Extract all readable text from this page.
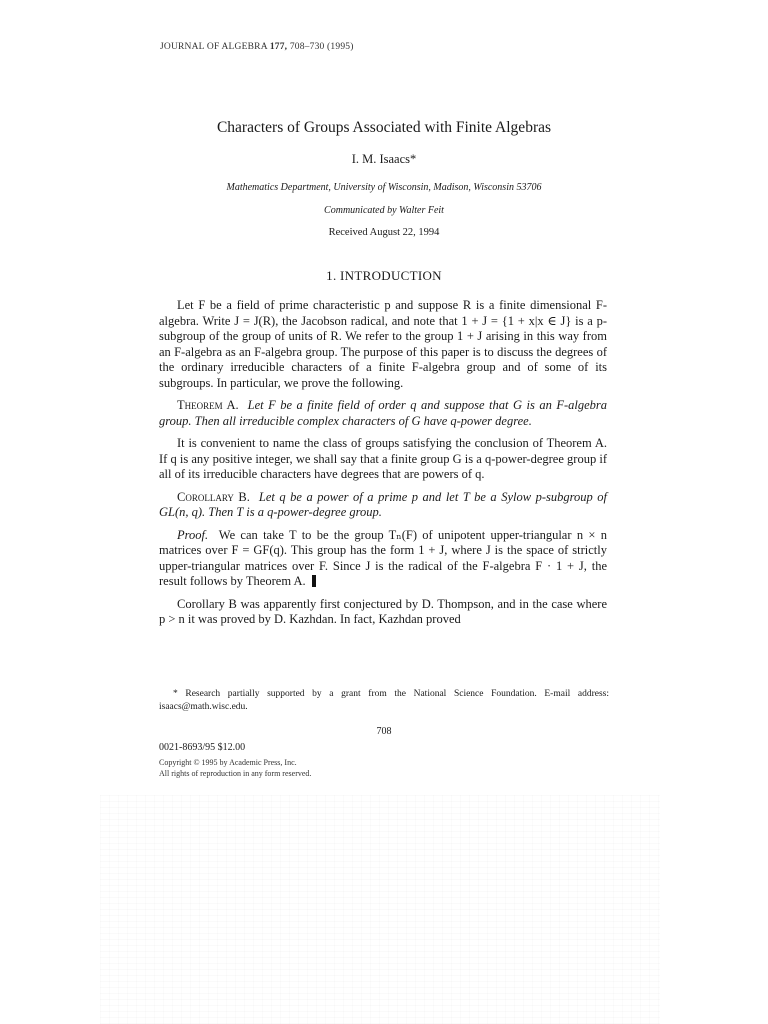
JOURNAL OF ALGEBRA 177, 708–730 (1995)
Characters of Groups Associated with Finite Algebras
I. M. Isaacs*
Mathematics Department, University of Wisconsin, Madison, Wisconsin 53706
Communicated by Walter Feit
Received August 22, 1994
1. INTRODUCTION

Let F be a field of prime characteristic p and suppose R is a finite dimensional F-algebra. Write J = J(R), the Jacobson radical, and note that 1 + J = {1 + x|x ∈ J} is a p-subgroup of the group of units of R. We refer to the group 1 + J arising in this way from an F-algebra as an F-algebra group. The purpose of this paper is to discuss the degrees of the ordinary irreducible characters of a finite F-algebra group and of some of its subgroups. In particular, we prove the following.

Theorem A. Let F be a finite field of order q and suppose that G is an F-algebra group. Then all irreducible complex characters of G have q-power degree.

It is convenient to name the class of groups satisfying the conclusion of Theorem A. If q is any positive integer, we shall say that a finite group G is a q-power-degree group if all of its irreducible characters have degrees that are powers of q.

Corollary B. Let q be a power of a prime p and let T be a Sylow p-subgroup of GL(n, q). Then T is a q-power-degree group.

Proof. We can take T to be the group Tₙ(F) of unipotent upper-triangular n × n matrices over F = GF(q). This group has the form 1 + J, where J is the space of strictly upper-triangular matrices over F. Since J is the radical of the F-algebra F · 1 + J, the result follows by Theorem A.

Corollary B was apparently first conjectured by D. Thompson, and in the case where p > n it was proved by D. Kazhdan. In fact, Kazhdan proved

* Research partially supported by a grant from the National Science Foundation. E-mail address: isaacs@math.wisc.edu.
708
0021-8693/95 $12.00
Copyright © 1995 by Academic Press, Inc.
All rights of reproduction in any form reserved.
